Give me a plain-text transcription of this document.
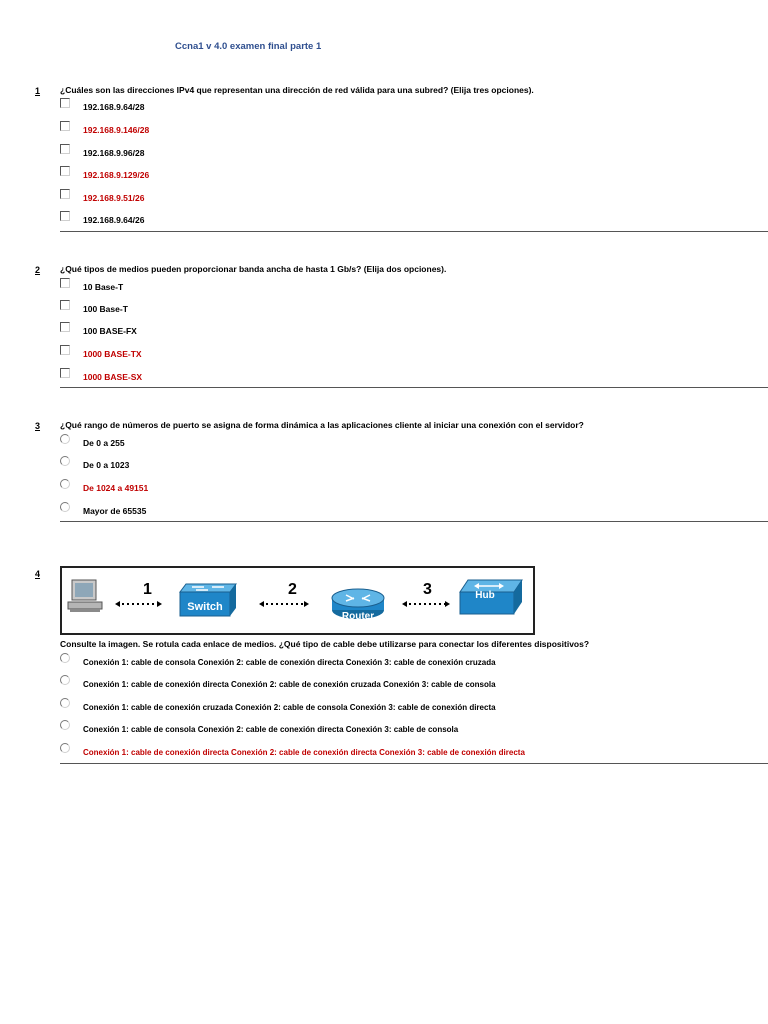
Ccna1 v 4.0 examen final parte 1
1 ¿Cuáles son las direcciones IPv4 que representan una dirección de red válida para una subred? (Elija tres opciones).
192.168.9.64/28
192.168.9.146/28
192.168.9.96/28
192.168.9.129/26
192.168.9.51/26
192.168.9.64/26
2 ¿Qué tipos de medios pueden proporcionar banda ancha de hasta 1 Gb/s? (Elija dos opciones).
10 Base-T
100 Base-T
100 BASE-FX
1000 BASE-TX
1000 BASE-SX
3 ¿Qué rango de números de puerto se asigna de forma dinámica a las aplicaciones cliente al iniciar una conexión con el servidor?
De 0 a 255
De 0 a 1023
De 1024 a 49151
Mayor de 65535
4
1
Switch
2
Router
3	Hub
Consulte la imagen. Se rotula cada enlace de medios. ¿Qué tipo de cable debe utilizarse para conectar los diferentes dispositivos?
Conexión 1: cable de consola Conexión 2: cable de conexión directa Conexión 3: cable de conexión cruzada
Conexión 1: cable de conexión directa Conexión 2: cable de conexión cruzada Conexión 3: cable de consola
Conexión 1: cable de conexión cruzada Conexión 2: cable de consola Conexión 3: cable de conexión directa
Conexión 1: cable de consola Conexión 2: cable de conexión directa Conexión 3: cable de consola
Conexión 1: cable de conexión directa Conexión 2: cable de conexión directa Conexión 3: cable de conexión directa
